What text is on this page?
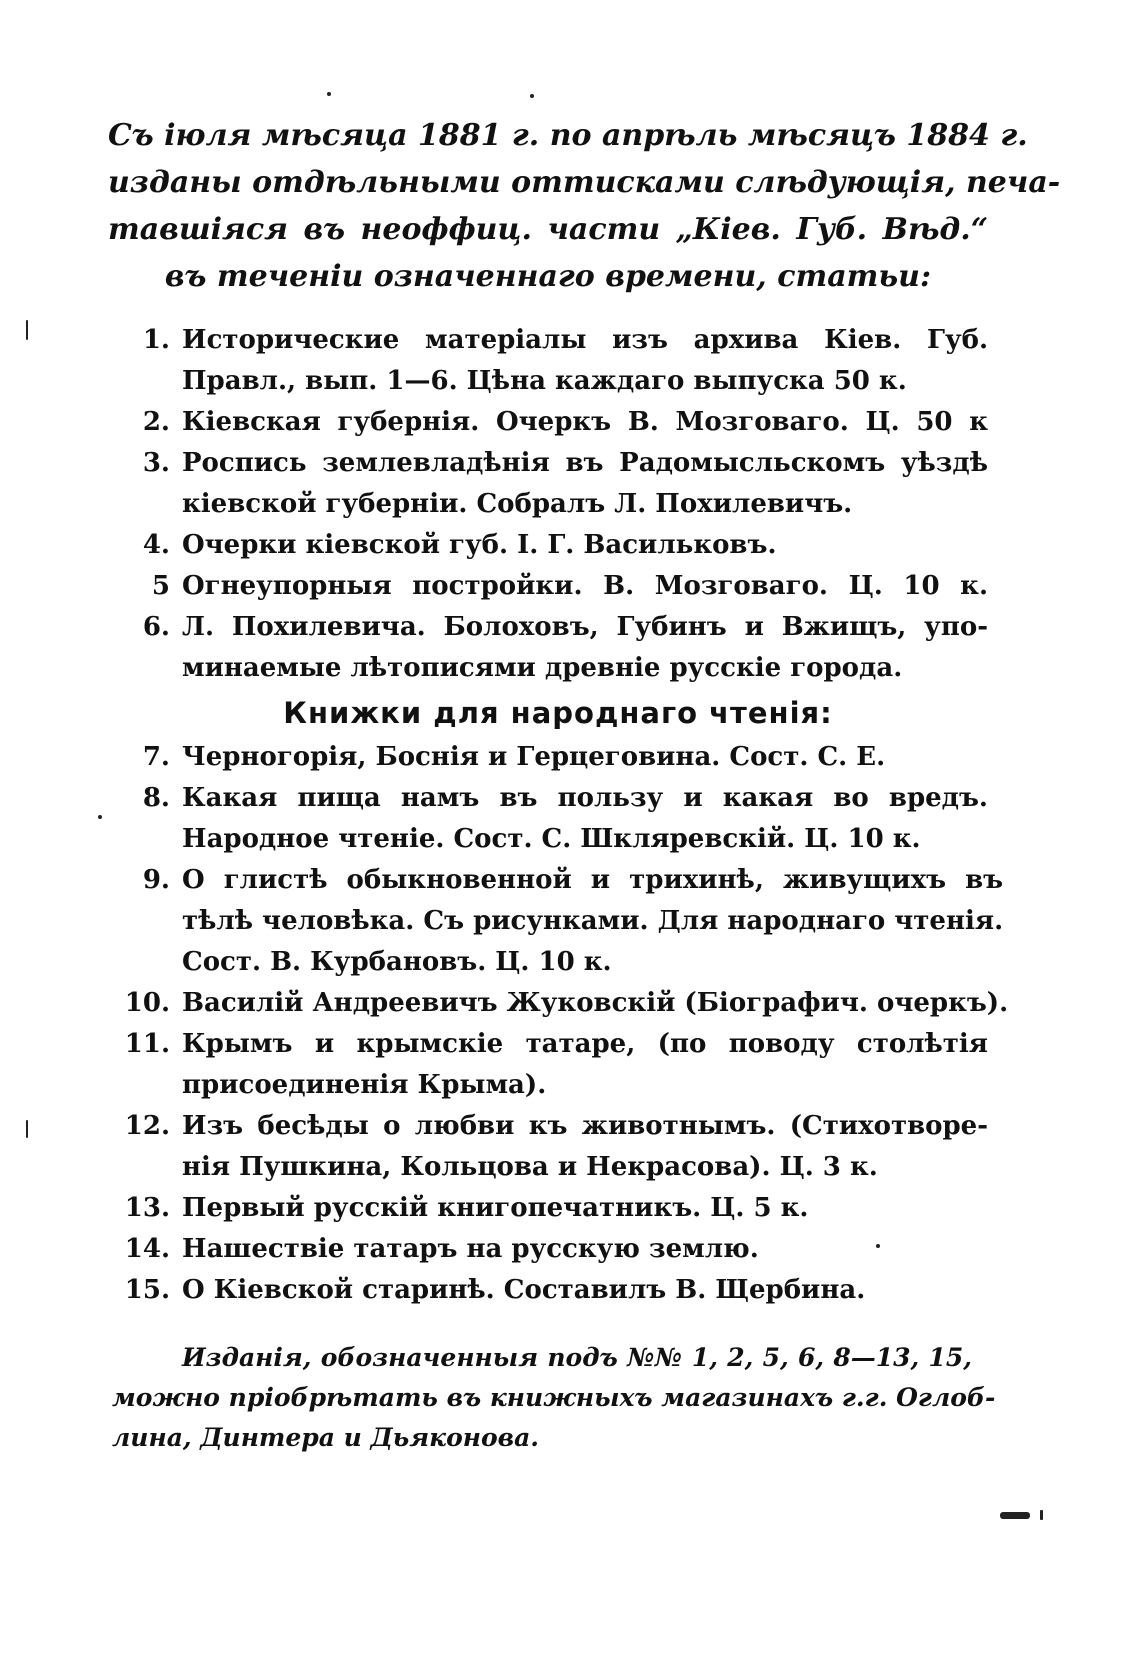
Съ іюля мѣсяца 1881 г. по апрѣль мѣсяцъ 1884 г.
изданы отдѣльными оттисками слѣдующія, печа-
тавшіяся въ неоффиц. части „Кіев. Губ. Вѣд.“
въ теченіи означеннаго времени, статьи:
1. Исторические матеріалы изъ архива Кіев. Губ.
Правл., вып. 1—6. Цѣна каждаго выпуска 50 к.
2. Кіевская губернія. Очеркъ В. Мозговаго. Ц. 50 к
3. Роспись землевладѣнія въ Радомысльскомъ уѣздѣ
кіевской губерніи. Собралъ Л. Похилевичъ.
4. Очерки кіевской губ. І. Г. Васильковъ.
5 Огнеупорныя постройки. В. Мозговаго. Ц. 10 к.
6. Л. Похилевича. Болоховъ, Губинъ и Вжищъ, упо-
минаемые лѣтописями древніе русскіе города.
Книжки для народнаго чтенія:
7. Черногорія, Боснія и Герцеговина. Сост. С. Е.
8. Какая пища намъ въ пользу и какая во вредъ.
Народное чтеніе. Сост. С. Шкляревскій. Ц. 10 к.
9. О глистѣ обыкновенной и трихинѣ, живущихъ въ
тѣлѣ человѣка. Съ рисунками. Для народнаго чтенія.
Сост. В. Курбановъ. Ц. 10 к.
10. Василій Андреевичъ Жуковскій (Біографич. очеркъ).
11. Крымъ и крымскіе татаре, (по поводу столѣтія
присоединенія Крыма).
12. Изъ бесѣды о любви къ животнымъ. (Стихотворе-
нія Пушкина, Кольцова и Некрасова). Ц. 3 к.
13. Первый русскій книгопечатникъ. Ц. 5 к.
14. Нашествіе татаръ на русскую землю.
15. О Кіевской старинѣ. Составилъ В. Щербина.
Изданія, обозначенныя подъ №№ 1, 2, 5, 6, 8—13, 15,
можно пріобрѣтать въ книжныхъ магазинахъ г.г. Оглоб-
лина, Динтера и Дьяконова.
